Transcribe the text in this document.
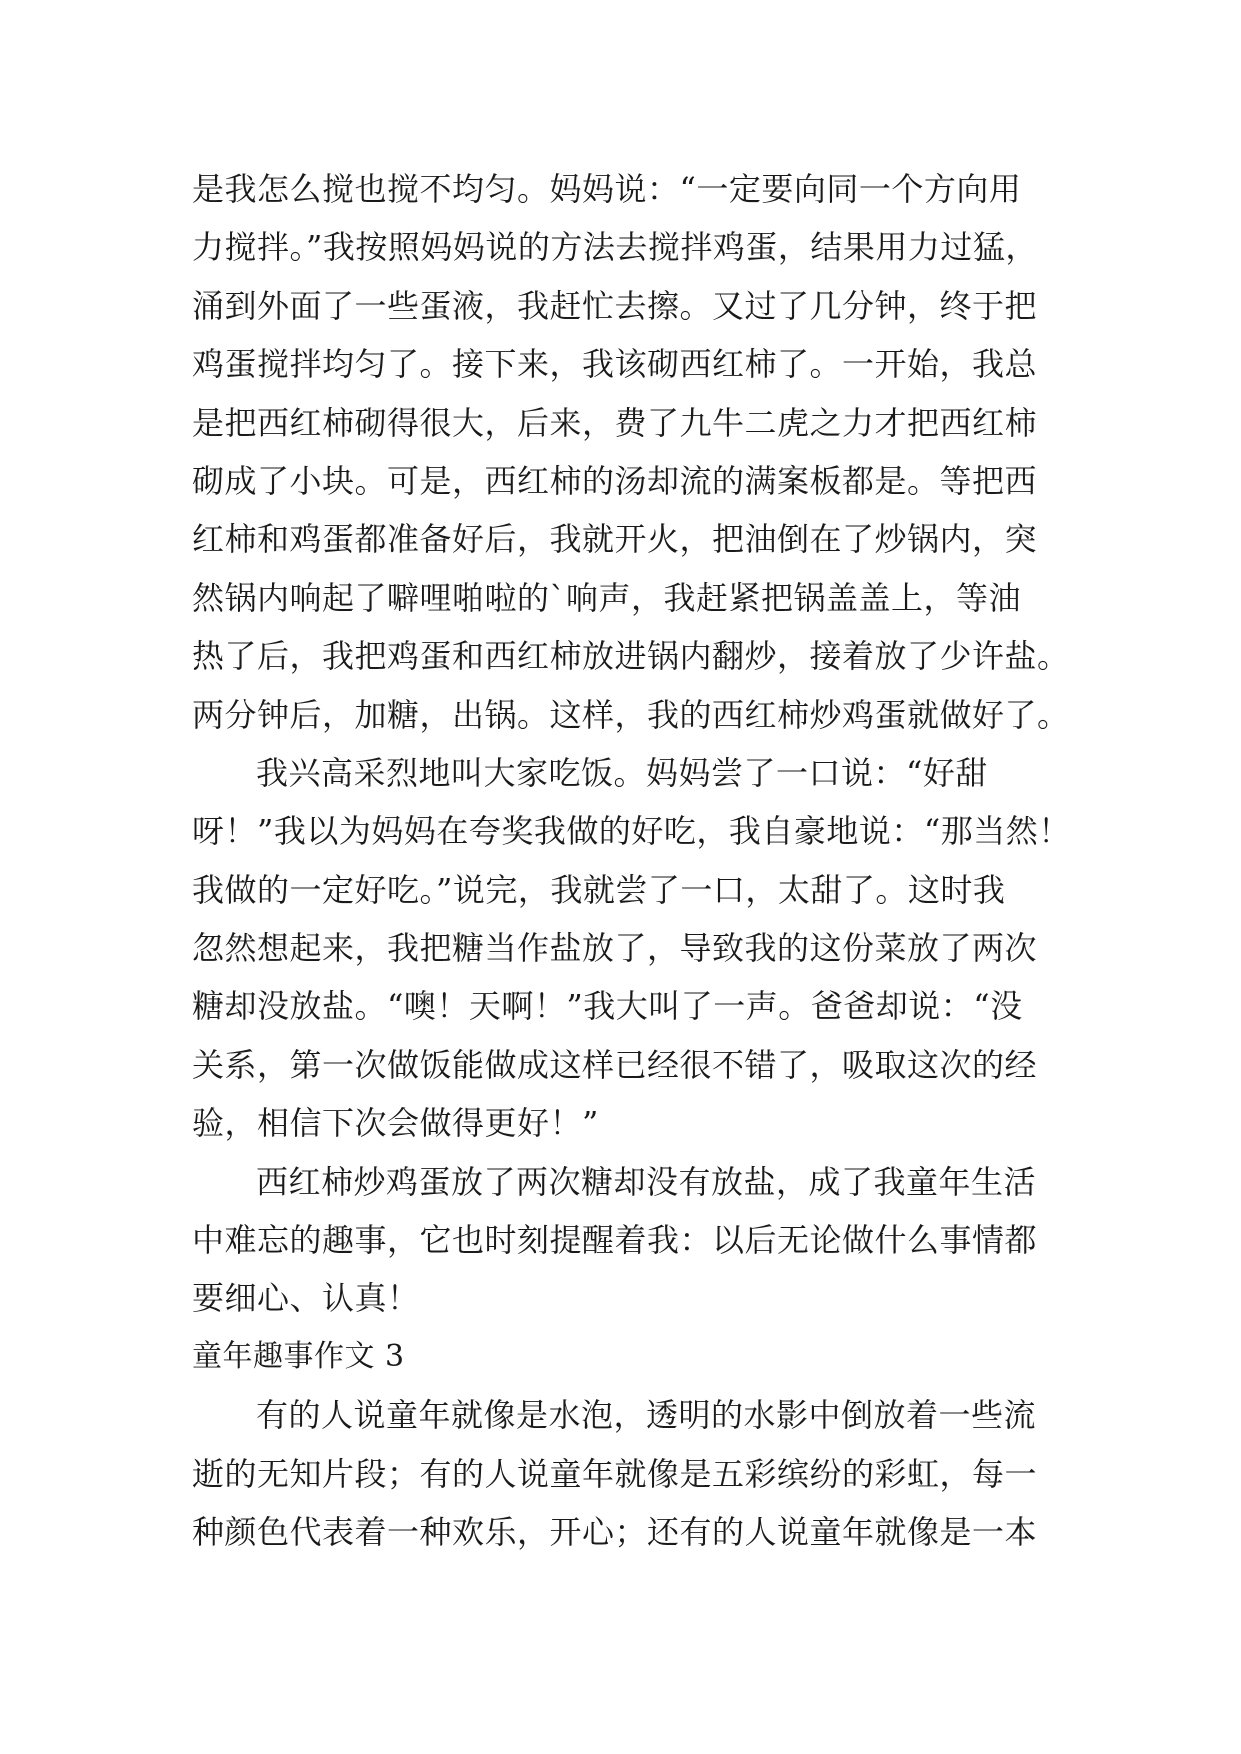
是我怎么搅也搅不均匀。妈妈说：“一定要向同一个方向用
力搅拌。”我按照妈妈说的方法去搅拌鸡蛋，结果用力过猛，
涌到外面了一些蛋液，我赶忙去擦。又过了几分钟，终于把
鸡蛋搅拌均匀了。接下来，我该砌西红柿了。一开始，我总
是把西红柿砌得很大，后来，费了九牛二虎之力才把西红柿
砌成了小块。可是，西红柿的汤却流的满案板都是。等把西
红柿和鸡蛋都准备好后，我就开火，把油倒在了炒锅内，突
然锅内响起了噼哩啪啦的`响声，我赶紧把锅盖盖上，等油
热了后，我把鸡蛋和西红柿放进锅内翻炒，接着放了少许盐。
两分钟后，加糖，出锅。这样，我的西红柿炒鸡蛋就做好了。
我兴高采烈地叫大家吃饭。妈妈尝了一口说：“好甜
呀！”我以为妈妈在夸奖我做的好吃，我自豪地说：“那当然！
我做的一定好吃。”说完，我就尝了一口，太甜了。这时我
忽然想起来，我把糖当作盐放了，导致我的这份菜放了两次
糖却没放盐。“噢！天啊！”我大叫了一声。爸爸却说：“没
关系，第一次做饭能做成这样已经很不错了，吸取这次的经
验，相信下次会做得更好！”
西红柿炒鸡蛋放了两次糖却没有放盐，成了我童年生活
中难忘的趣事，它也时刻提醒着我：以后无论做什么事情都
要细心、认真！
童年趣事作文 3
有的人说童年就像是水泡，透明的水影中倒放着一些流
逝的无知片段；有的人说童年就像是五彩缤纷的彩虹，每一
种颜色代表着一种欢乐，开心；还有的人说童年就像是一本
